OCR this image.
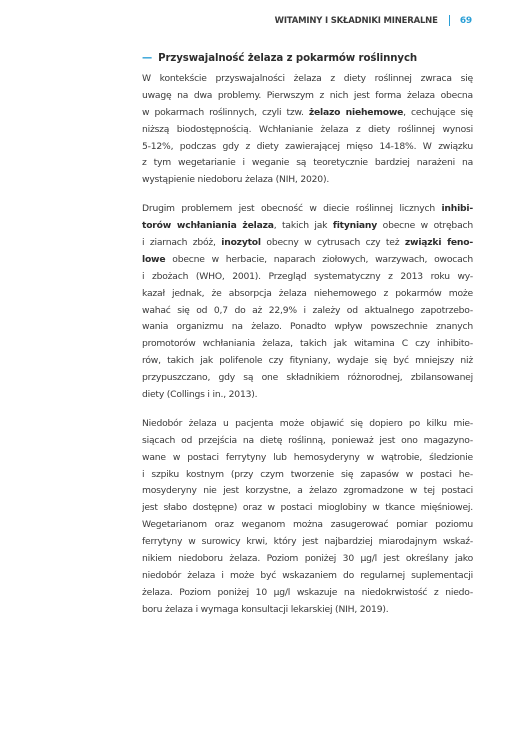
WITAMINY I SKŁADNIKI MINERALNE 69
— Przyswajalność żelaza z pokarmów roślinnych
W kontekście przyswajalności żelaza z diety roślinnej zwraca się
uwagę na dwa problemy. Pierwszym z nich jest forma żelaza obecna
w pokarmach roślinnych, czyli tzw. żelazo niehemowe, cechujące się
niższą biodostępnością. Wchłanianie żelaza z diety roślinnej wynosi
5-12%, podczas gdy z diety zawierającej mięso 14-18%. W związku
z tym wegetarianie i weganie są teoretycznie bardziej narażeni na
wystąpienie niedoboru żelaza (NIH, 2020).
Drugim problemem jest obecność w diecie roślinnej licznych inhibi-
torów wchłaniania żelaza, takich jak fityniany obecne w otrębach
i ziarnach zbóż, inozytol obecny w cytrusach czy też związki feno-
lowe obecne w herbacie, naparach ziołowych, warzywach, owocach
i zbożach (WHO, 2001). Przegląd systematyczny z 2013 roku wy-
kazał jednak, że absorpcja żelaza niehemowego z pokarmów może
wahać się od 0,7 do aż 22,9% i zależy od aktualnego zapotrzebo-
wania organizmu na żelazo. Ponadto wpływ powszechnie znanych
promotorów wchłaniania żelaza, takich jak witamina C czy inhibito-
rów, takich jak polifenole czy fityniany, wydaje się być mniejszy niż
przypuszczano, gdy są one składnikiem różnorodnej, zbilansowanej
diety (Collings i in., 2013).
Niedobór żelaza u pacjenta może objawić się dopiero po kilku mie-
siącach od przejścia na dietę roślinną, ponieważ jest ono magazyno-
wane w postaci ferrytyny lub hemosyderyny w wątrobie, śledzionie
i szpiku kostnym (przy czym tworzenie się zapasów w postaci he-
mosyderyny nie jest korzystne, a żelazo zgromadzone w tej postaci
jest słabo dostępne) oraz w postaci mioglobiny w tkance mięśniowej.
Wegetarianom oraz weganom można zasugerować pomiar poziomu
ferrytyny w surowicy krwi, który jest najbardziej miarodajnym wskaź-
nikiem niedoboru żelaza. Poziom poniżej 30 µg/l jest określany jako
niedobór żelaza i może być wskazaniem do regularnej suplementacji
żelaza. Poziom poniżej 10 µg/l wskazuje na niedokrwistość z niedo-
boru żelaza i wymaga konsultacji lekarskiej (NIH, 2019).
